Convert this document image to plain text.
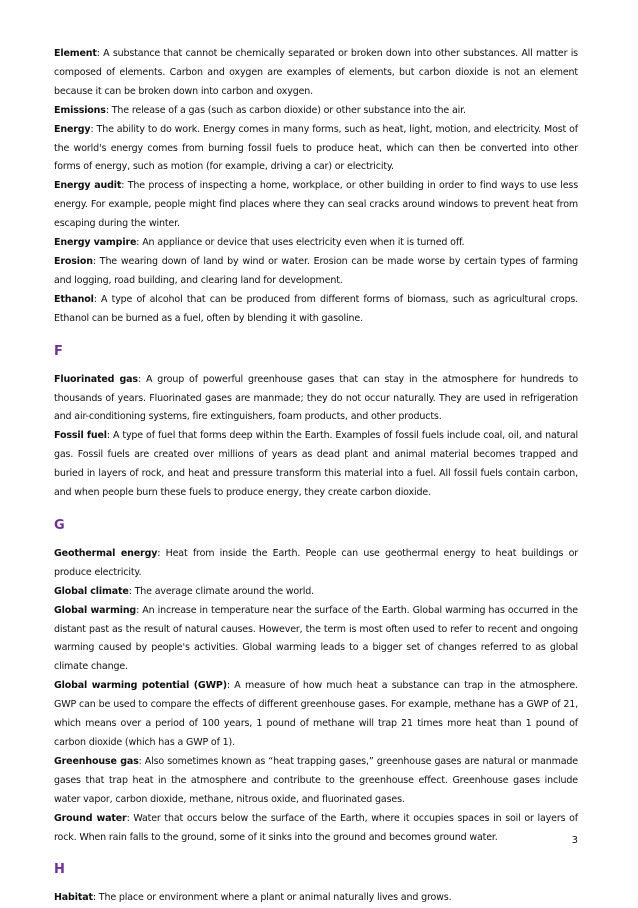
Element: A substance that cannot be chemically separated or broken down into other substances. All matter is composed of elements. Carbon and oxygen are examples of elements, but carbon dioxide is not an element because it can be broken down into carbon and oxygen.

Emissions: The release of a gas (such as carbon dioxide) or other substance into the air.

Energy: The ability to do work. Energy comes in many forms, such as heat, light, motion, and electricity. Most of the world's energy comes from burning fossil fuels to produce heat, which can then be converted into other forms of energy, such as motion (for example, driving a car) or electricity.

Energy audit: The process of inspecting a home, workplace, or other building in order to find ways to use less energy. For example, people might find places where they can seal cracks around windows to prevent heat from escaping during the winter.

Energy vampire: An appliance or device that uses electricity even when it is turned off.

Erosion: The wearing down of land by wind or water. Erosion can be made worse by certain types of farming and logging, road building, and clearing land for development.

Ethanol: A type of alcohol that can be produced from different forms of biomass, such as agricultural crops. Ethanol can be burned as a fuel, often by blending it with gasoline.

F

Fluorinated gas: A group of powerful greenhouse gases that can stay in the atmosphere for hundreds to thousands of years. Fluorinated gases are manmade; they do not occur naturally. They are used in refrigeration and air-conditioning systems, fire extinguishers, foam products, and other products.

Fossil fuel: A type of fuel that forms deep within the Earth. Examples of fossil fuels include coal, oil, and natural gas. Fossil fuels are created over millions of years as dead plant and animal material becomes trapped and buried in layers of rock, and heat and pressure transform this material into a fuel. All fossil fuels contain carbon, and when people burn these fuels to produce energy, they create carbon dioxide.

G

Geothermal energy: Heat from inside the Earth. People can use geothermal energy to heat buildings or produce electricity.

Global climate: The average climate around the world.

Global warming: An increase in temperature near the surface of the Earth. Global warming has occurred in the distant past as the result of natural causes. However, the term is most often used to refer to recent and ongoing warming caused by people's activities. Global warming leads to a bigger set of changes referred to as global climate change.

Global warming potential (GWP): A measure of how much heat a substance can trap in the atmosphere. GWP can be used to compare the effects of different greenhouse gases. For example, methane has a GWP of 21, which means over a period of 100 years, 1 pound of methane will trap 21 times more heat than 1 pound of carbon dioxide (which has a GWP of 1).

Greenhouse gas: Also sometimes known as “heat trapping gases,” greenhouse gases are natural or manmade gases that trap heat in the atmosphere and contribute to the greenhouse effect. Greenhouse gases include water vapor, carbon dioxide, methane, nitrous oxide, and fluorinated gases.

Ground water: Water that occurs below the surface of the Earth, where it occupies spaces in soil or layers of rock. When rain falls to the ground, some of it sinks into the ground and becomes ground water.

H

Habitat: The place or environment where a plant or animal naturally lives and grows.

3
